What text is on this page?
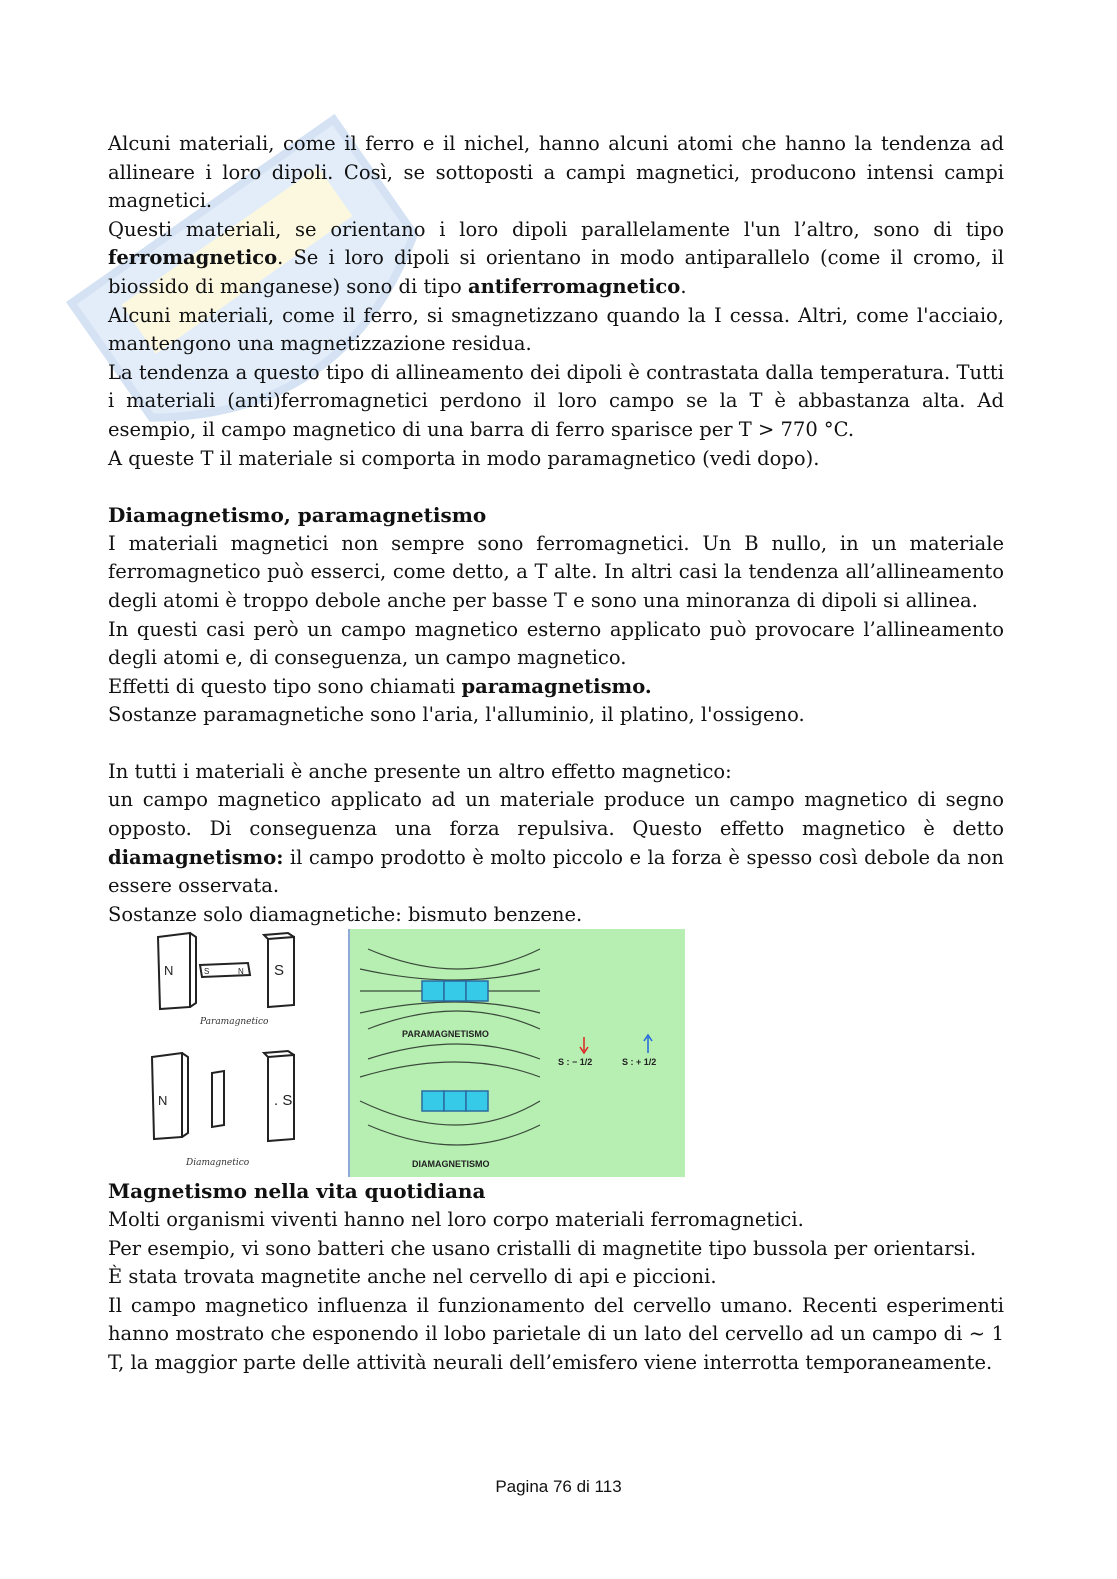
Alcuni materiali, come il ferro e il nichel, hanno alcuni atomi che hanno la tendenza ad allineare i loro dipoli. Così, se sottoposti a campi magnetici, producono intensi campi magnetici.

Questi materiali, se orientano i loro dipoli parallelamente l'un l’altro, sono di tipo ferromagnetico. Se i loro dipoli si orientano in modo antiparallelo (come il cromo, il biossido di manganese) sono di tipo antiferromagnetico.

Alcuni materiali, come il ferro, si smagnetizzano quando la I cessa. Altri, come l'acciaio, mantengono una magnetizzazione residua.

La tendenza a questo tipo di allineamento dei dipoli è contrastata dalla temperatura. Tutti i materiali (anti)ferromagnetici perdono il loro campo se la T è abbastanza alta. Ad esempio, il campo magnetico di una barra di ferro sparisce per T > 770 °C.

A queste T il materiale si comporta in modo paramagnetico (vedi dopo).

Diamagnetismo, paramagnetismo

I materiali magnetici non sempre sono ferromagnetici. Un B nullo, in un materiale ferromagnetico può esserci, come detto, a T alte. In altri casi la tendenza all’allineamento degli atomi è troppo debole anche per basse T e sono una minoranza di dipoli si allinea.

In questi casi però un campo magnetico esterno applicato può provocare l’allineamento degli atomi e, di conseguenza, un campo magnetico.

Effetti di questo tipo sono chiamati paramagnetismo.

Sostanze paramagnetiche sono l'aria, l'alluminio, il platino, l'ossigeno.

In tutti i materiali è anche presente un altro effetto magnetico:

un campo magnetico applicato ad un materiale produce un campo magnetico di segno opposto. Di conseguenza una forza repulsiva. Questo effetto magnetico è detto diamagnetismo: il campo prodotto è molto piccolo e la forza è spesso così debole da non essere osservata.

Sostanze solo diamagnetiche: bismuto benzene.

N	S
S	N
Paramagnetico
N	. S
Diamagnetico
PARAMAGNETISMO
DIAMAGNETISMO
S : − 1/2	S : + 1/2

Magnetismo nella vita quotidiana

Molti organismi viventi hanno nel loro corpo materiali ferromagnetici.

Per esempio, vi sono batteri che usano cristalli di magnetite tipo bussola per orientarsi.

È stata trovata magnetite anche nel cervello di api e piccioni.

Il campo magnetico influenza il funzionamento del cervello umano. Recenti esperimenti hanno mostrato che esponendo il lobo parietale di un lato del cervello ad un campo di ~ 1 T, la maggior parte delle attività neurali dell’emisfero viene interrotta temporaneamente.

Pagina 76 di 113
